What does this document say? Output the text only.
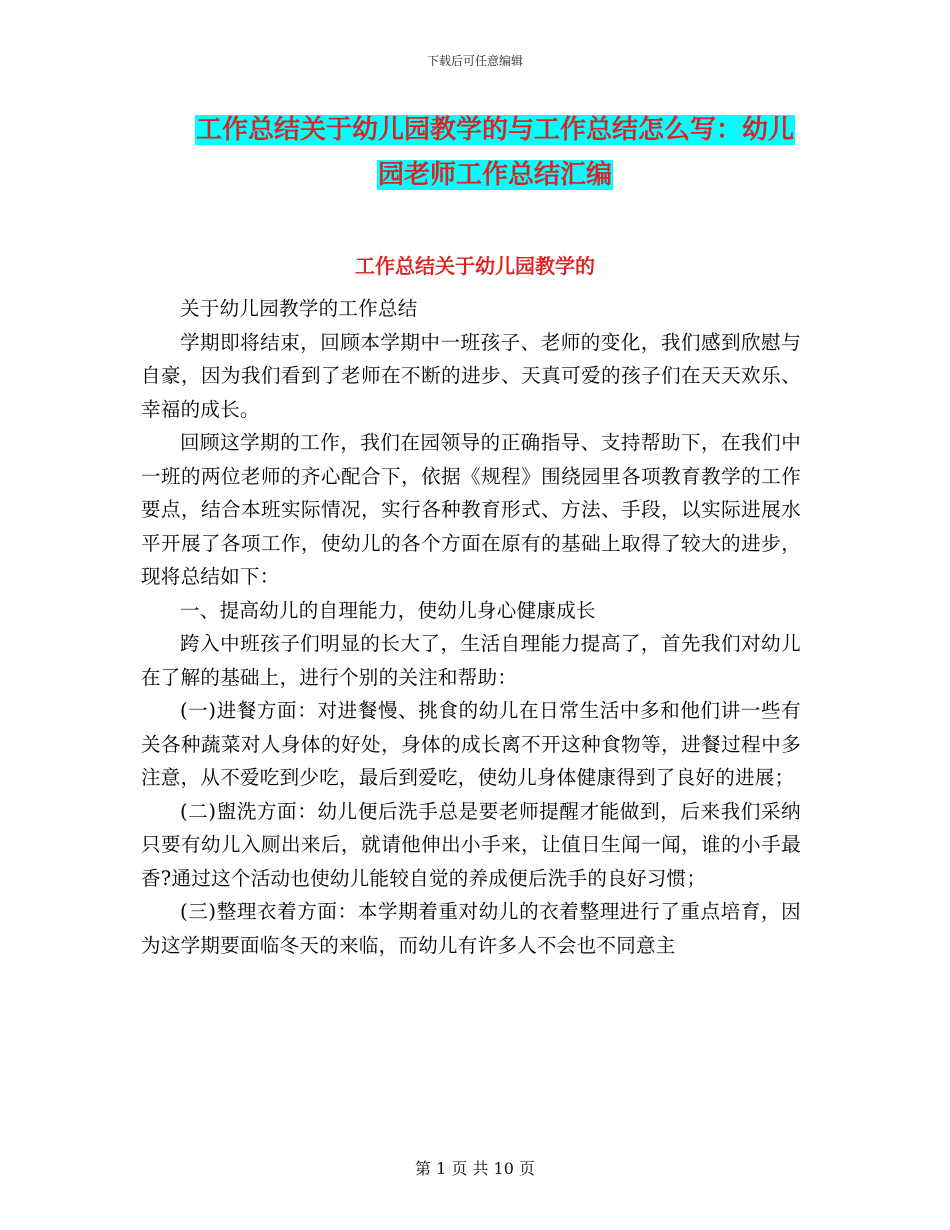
下载后可任意编辑
工作总结关于幼儿园教学的与工作总结怎么写：幼儿
园老师工作总结汇编
工作总结关于幼儿园教学的

关于幼儿园教学的工作总结

学期即将结束，回顾本学期中一班孩子、老师的变化，我们感到欣慰与自豪，因为我们看到了老师在不断的进步、天真可爱的孩子们在天天欢乐、幸福的成长。

回顾这学期的工作，我们在园领导的正确指导、支持帮助下，在我们中一班的两位老师的齐心配合下，依据《规程》围绕园里各项教育教学的工作要点，结合本班实际情况，实行各种教育形式、方法、手段，以实际进展水平开展了各项工作，使幼儿的各个方面在原有的基础上取得了较大的进步，现将总结如下：

一、提高幼儿的自理能力，使幼儿身心健康成长

跨入中班孩子们明显的长大了，生活自理能力提高了，首先我们对幼儿在了解的基础上，进行个别的关注和帮助：

(一)进餐方面：对进餐慢、挑食的幼儿在日常生活中多和他们讲一些有关各种蔬菜对人身体的好处，身体的成长离不开这种食物等，进餐过程中多注意，从不爱吃到少吃，最后到爱吃，使幼儿身体健康得到了良好的进展；

(二)盥洗方面：幼儿便后洗手总是要老师提醒才能做到，后来我们采纳只要有幼儿入厕出来后，就请他伸出小手来，让值日生闻一闻，谁的小手最香?通过这个活动也使幼儿能较自觉的养成便后洗手的良好习惯；

(三)整理衣着方面：本学期着重对幼儿的衣着整理进行了重点培育，因为这学期要面临冬天的来临，而幼儿有许多人不会也不同意主

第 1 页 共 10 页
